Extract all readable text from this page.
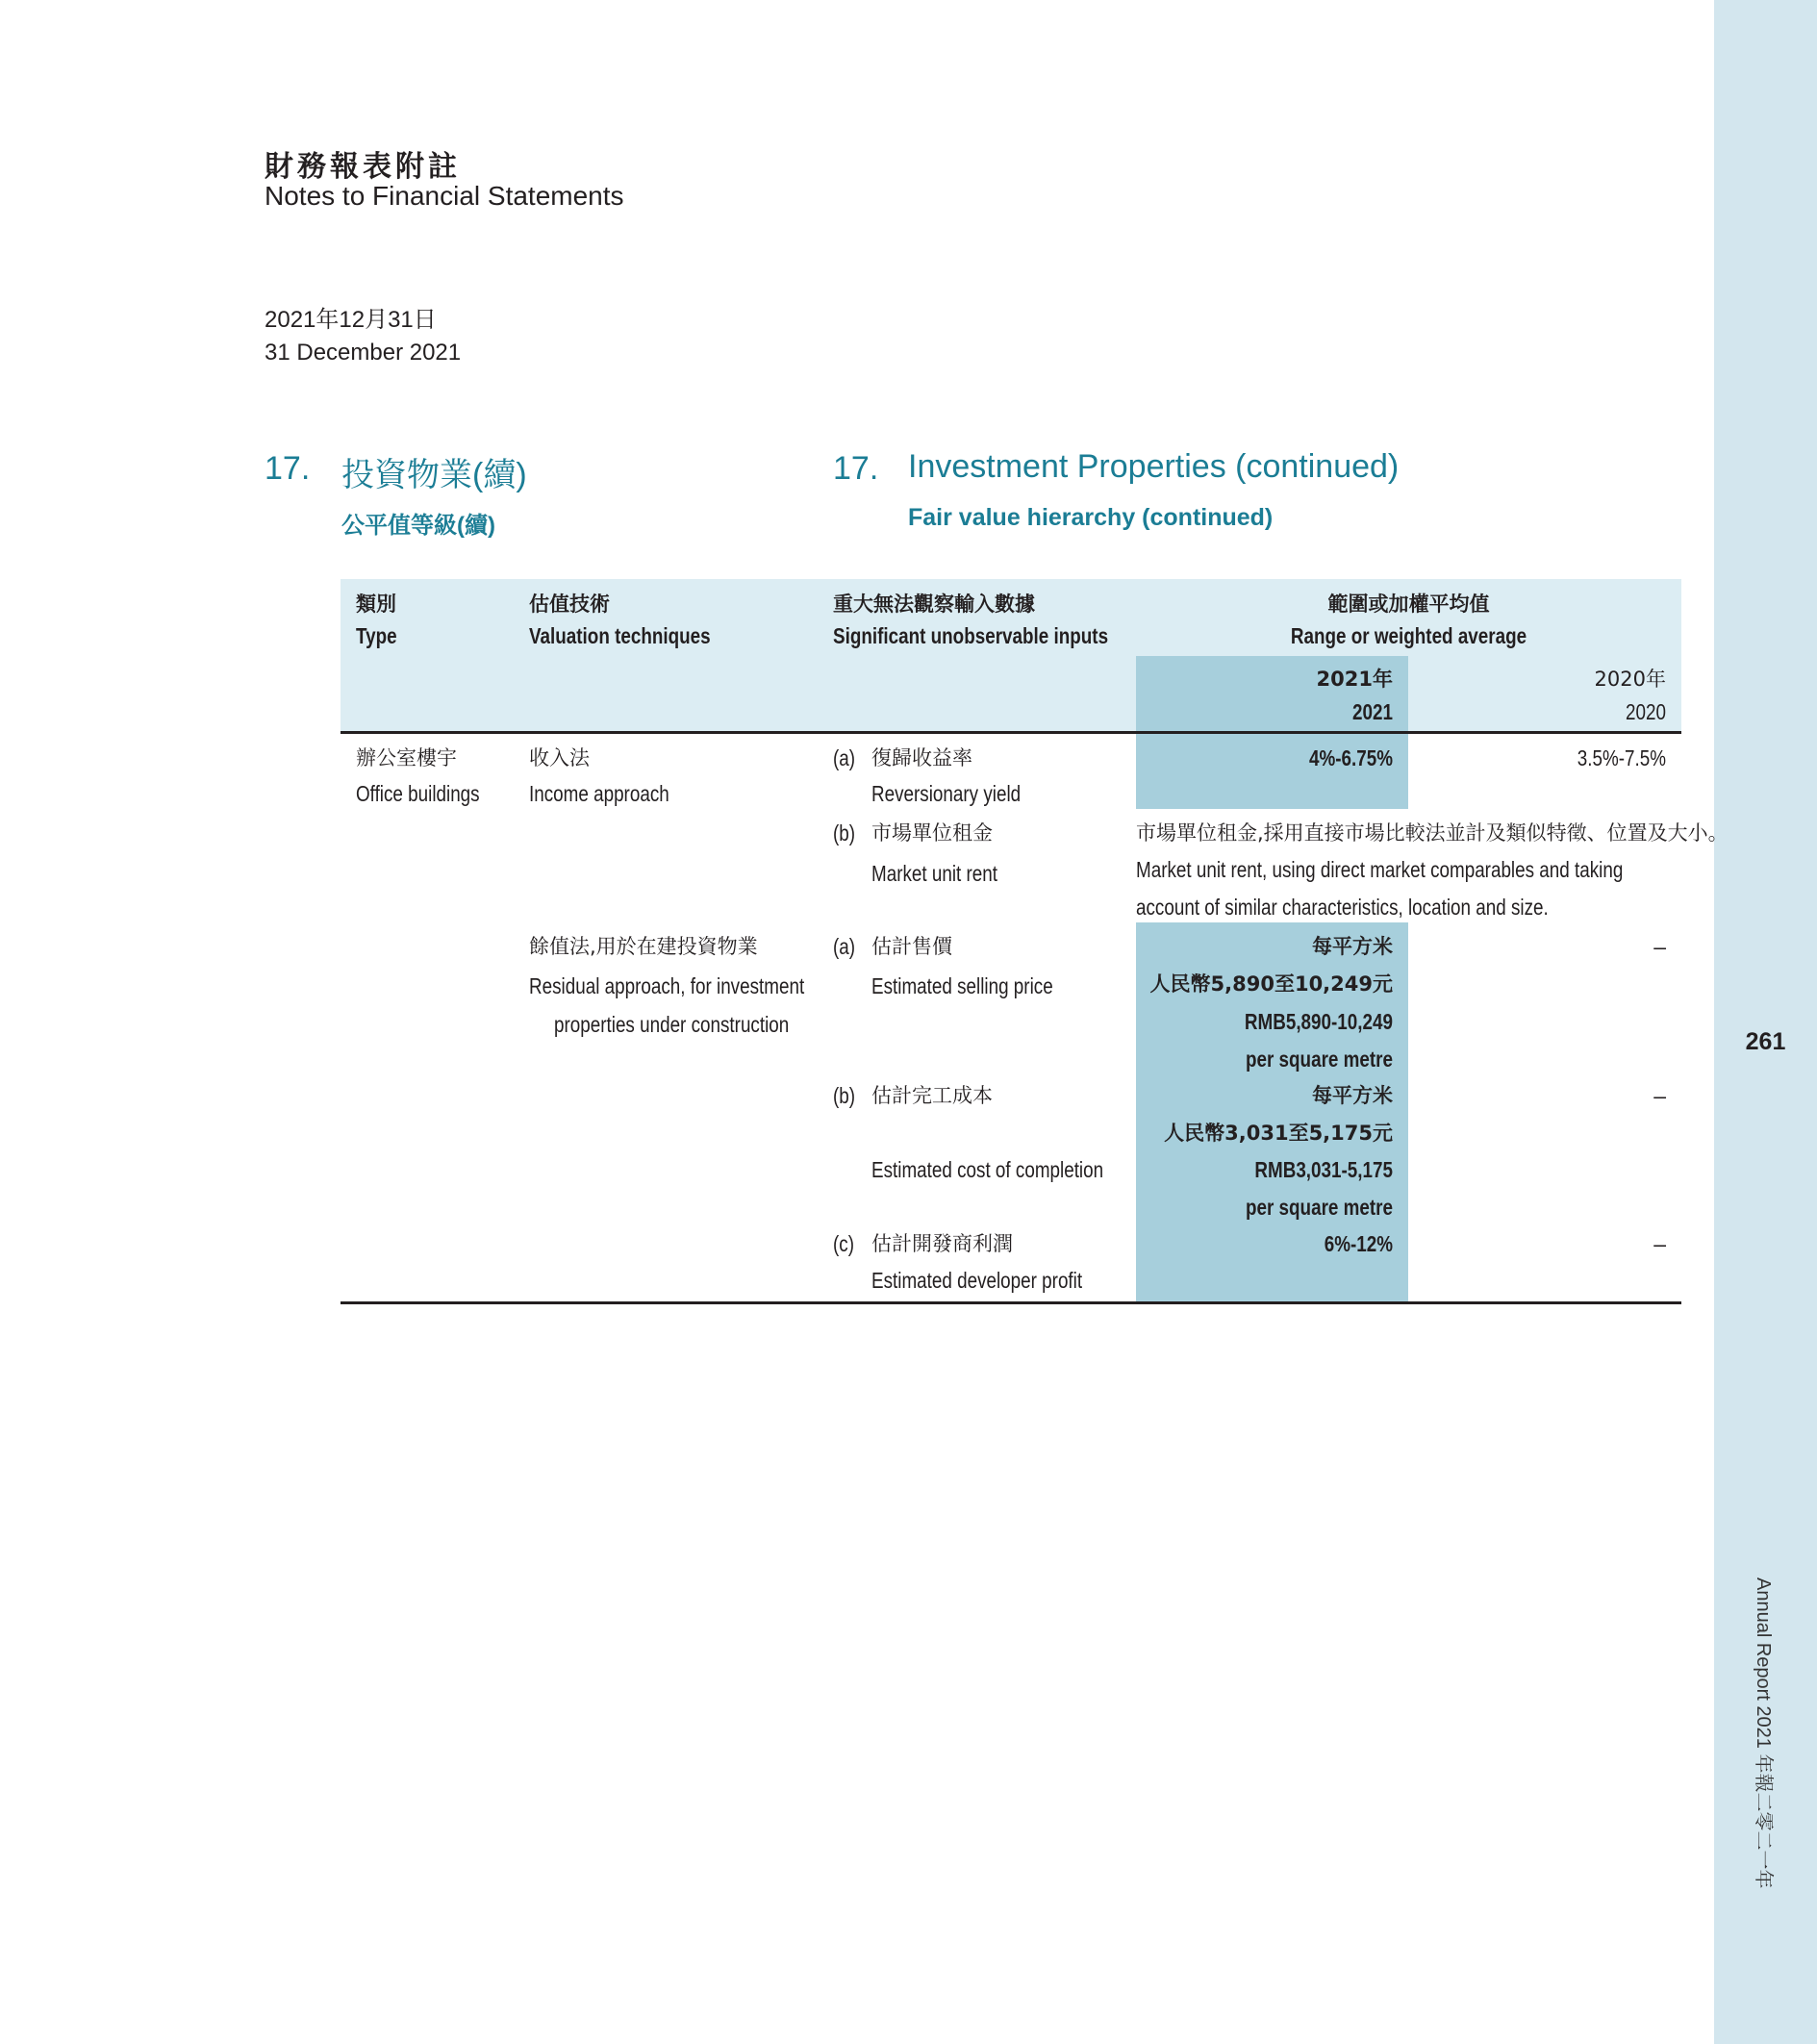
261
Annual Report 2021 年報二零二一年
財務報表附註
Notes to Financial Statements
2021年12月31日
31 December 2021
17. 投資物業(續)
公平值等級(續)
17. Investment Properties (continued)
Fair value hierarchy (continued)
類別
Type
估值技術
Valuation techniques
重大無法觀察輸入數據
Significant unobservable inputs
範圍或加權平均值
Range or weighted average
2021年
2021
2020年
2020
辦公室樓宇
Office buildings
收入法
Income approach
(a) 復歸收益率
Reversionary yield
4%-6.75%	3.5%-7.5%
(b) 市場單位租金
Market unit rent
市場單位租金,採用直接市場比較法並計及類似特徵、位置及大小。
Market unit rent, using direct market comparables and taking
account of similar characteristics, location and size.
餘值法,用於在建投資物業
Residual approach, for investment
properties under construction
(a) 估計售價
Estimated selling price
每平方米
人民幣5,890至10,249元
RMB5,890-10,249
per square metre
–
(b) 估計完工成本
Estimated cost of completion
每平方米
人民幣3,031至5,175元
RMB3,031-5,175
per square metre
–
(c) 估計開發商利潤
Estimated developer profit
6%-12%	–
